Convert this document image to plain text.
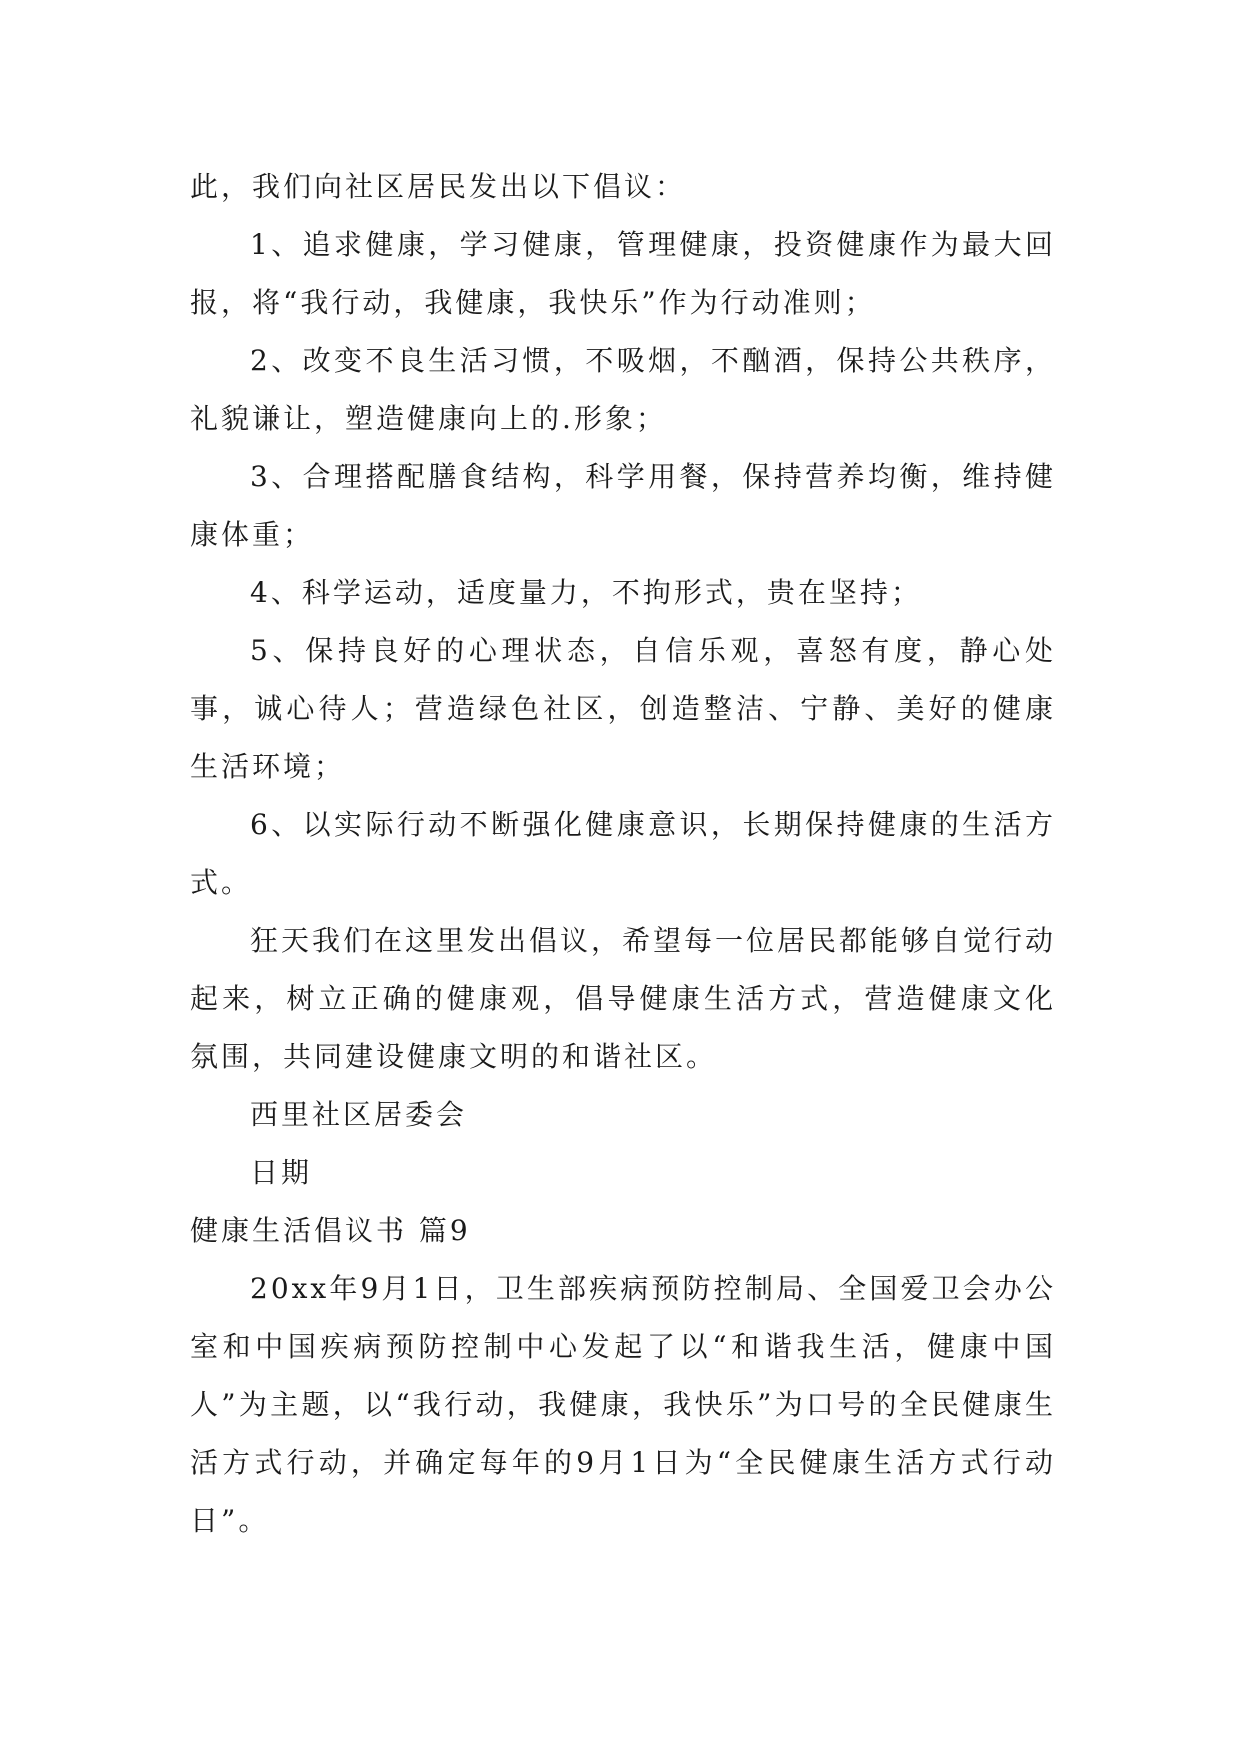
此，我们向社区居民发出以下倡议：

1、追求健康，学习健康，管理健康，投资健康作为最大回报，将“我行动，我健康，我快乐”作为行动准则；

2、改变不良生活习惯，不吸烟，不酗酒，保持公共秩序，礼貌谦让，塑造健康向上的.形象；

3、合理搭配膳食结构，科学用餐，保持营养均衡，维持健康体重；

4、科学运动，适度量力，不拘形式，贵在坚持；

5、保持良好的心理状态，自信乐观，喜怒有度，静心处事，诚心待人；营造绿色社区，创造整洁、宁静、美好的健康生活环境；

6、以实际行动不断强化健康意识，长期保持健康的生活方式。

狂天我们在这里发出倡议，希望每一位居民都能够自觉行动起来，树立正确的健康观，倡导健康生活方式，营造健康文化氛围，共同建设健康文明的和谐社区。

西里社区居委会

日期

健康生活倡议书 篇9

20xx年9月1日，卫生部疾病预防控制局、全国爱卫会办公室和中国疾病预防控制中心发起了以“和谐我生活，健康中国人”为主题，以“我行动，我健康，我快乐”为口号的全民健康生活方式行动，并确定每年的9月1日为“全民健康生活方式行动日”。
